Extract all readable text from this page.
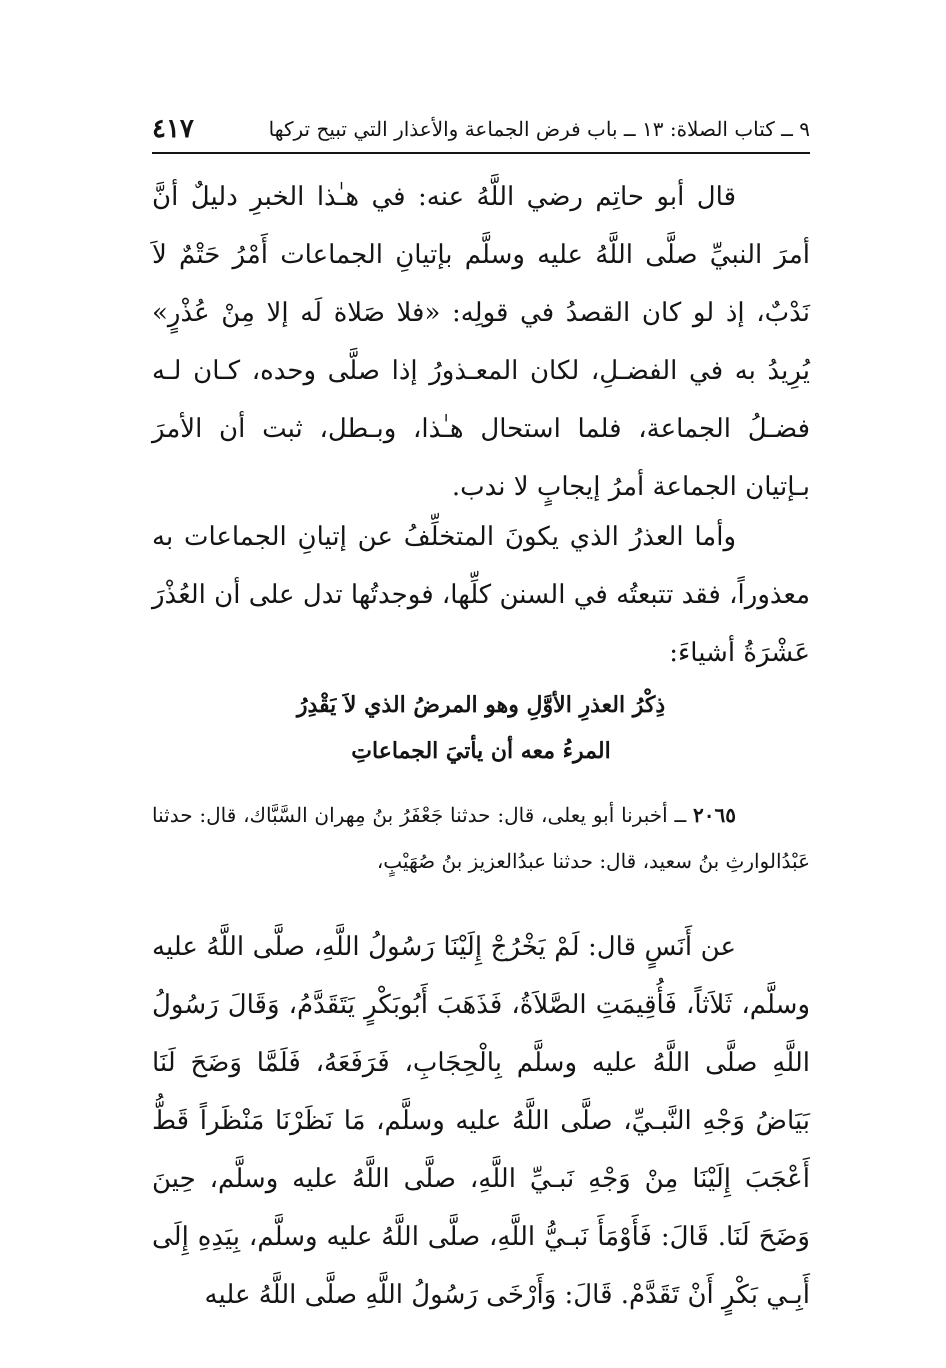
٩ ــ كتاب الصلاة: ١٣ ــ باب فرض الجماعة والأعذار التي تبيح تركها
٤١٧

قال أبو حاتِم رضي اللَّهُ عنه: في هـٰذا الخبرِ دليلٌ أنَّ أمرَ النبيِّ صلَّى اللَّهُ عليه وسلَّم بإتيانِ الجماعات أَمْرُ حَتْمٌ لاَ نَدْبٌ، إذ لو كان القصدُ في قولِه: «فلا صَلاة لَه إلا مِنْ عُذْرٍ» يُرِيدُ به في الفضـلِ، لكان المعـذورُ إذا صلَّى وحده، كـان لـه فضـلُ الجماعة، فلما استحال هـٰذا، وبـطل، ثبت أن الأمرَ بـإتيان الجماعة أمرُ إيجابٍ لا ندب.

وأما العذرُ الذي يكونَ المتخلِّفُ عن إتيانِ الجماعات به معذوراً، فقد تتبعتُه في السنن كلِّها، فوجدتُها تدل على أن العُذْرَ عَشْرَةُ أشياءَ:

ذِكْرُ العذرِ الأوَّلِ وهو المرضُ الذي لاَ يَقْدِرُ
المرءُ معه أن يأتيَ الجماعاتِ

٢٠٦٥ ــ أخبرنا أبو يعلى، قال: حدثنا جَعْفَرُ بنُ مِهران السَّبَّاك، قال: حدثنا عَبْدُالوارثِ بنُ سعيد، قال: حدثنا عبدُالعزيز بنُ صُهَيْبٍ،

عن أَنَسٍ قال: لَمْ يَخْرُجْ إِلَيْنَا رَسُولُ اللَّهِ، صلَّى اللَّهُ عليه وسلَّم، ثَلاَثاً، فَأُقِيمَتِ الصَّلاَةُ، فَذَهَبَ أَبُوبَكْرٍ يَتَقَدَّمُ، وَقَالَ رَسُولُ اللَّهِ صلَّى اللَّهُ عليه وسلَّم بِالْحِجَابِ، فَرَفَعَهُ، فَلَمَّا وَضَحَ لَنَا بَيَاضُ وَجْهِ النَّبـيِّ، صلَّى اللَّهُ عليه وسلَّم، مَا نَظَرْنَا مَنْظَراً قَطُّ أَعْجَبَ إِلَيْنَا مِنْ وَجْهِ نَبـيِّ اللَّهِ، صلَّى اللَّهُ عليه وسلَّم، حِينَ وَضَحَ لَنَا. قَالَ: فَأَوْمَأَ نَبـيُّ اللَّهِ، صلَّى اللَّهُ عليه وسلَّم، بِيَدِهِ إِلَى أَبِـي بَكْرٍ أَنْ تَقَدَّمْ. قَالَ: وَأَرْخَى رَسُولُ اللَّهِ صلَّى اللَّهُ عليه
